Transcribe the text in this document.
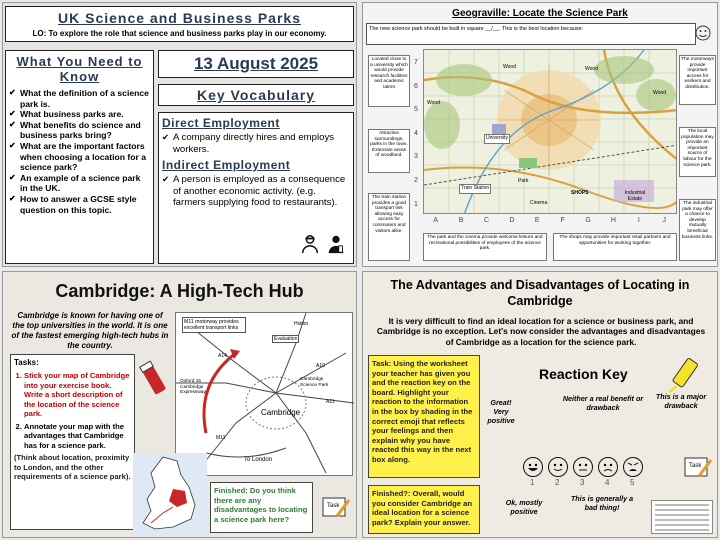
UK Science and Business Parks
LO: To explore the role that science and business parks play in our economy.
What You Need to Know
✔ What the definition of a science park is.
✔ What business parks are.
✔ What benefits do science and business parks bring?
✔ What are the important factors when choosing a location for a science park?
✔ An example of a science park in the UK.
✔ How to answer a GCSE style question on this topic.
13 August 2025
Key Vocabulary
Direct Employment

✔ A company directly hires and employs workers.

Indirect Employment

✔ A person is employed as a consequence of another economic activity. (e.g. farmers supplying food to restaurants).

Geograville: Locate the Science Park
The new science park should be built in square __/__. This is the best location because:
Wood	Wood
Wood
Wood
University
Park
Train Station
Cinema
SHOPS	Industrial Estate
7
6
5
4
3
2
1
A	B	C	D	E	F	G	H	I	J
Located close to a university which would provide research facilities and academic talent
Attractive surroundings, parks in the town. Extensive areas of woodland.
The train station provides a good transport link allowing easy access for commuters and visitors alike.
The park and the cinema provide welcome leisure and recreational possibilities of employees of the science park.
The shops may provide important retail partners and opportunities for working together.
The motorways provide important access for workers and distribution.
The local population may provide an important source of labour for the science park.
The industrial park may offer a chance to develop mutually beneficial business links.
Cambridge: A High-Tech Hub
Cambridge is known for having one of the top universities in the world. It is one of the fastest emerging high-tech hubs in the country.
Tasks:
1. Stick your map of Cambridge into your exercise book. Write a short description of the location of the science park.
2. Annotate your map with the advantages that Cambridge has for a science park.
(Think about location, proximity to London, and the other requirements of a science park).
M11 motorway provides excellent transport links
Cambridge
To London
Oxford 15 Cambridge Expressway
Histon
Evaluation
A14
A10
A11
M11
Cambridge Science Park
Finished: Do you think there are any disadvantages to locating a science park here?
Task
The Advantages and Disadvantages of Locating in Cambridge
It is very difficult to find an ideal location for a science or business park, and Cambridge is no exception. Let's now consider the advantages and disadvantages of Cambridge as a location for the science park.
Task: Using the worksheet your teacher has given you and the reaction key on the board. Highlight your reaction to the information in the box by shading in the correct emoji that reflects your feelings and then explain why you have reacted this way in the next box along.
Finished?: Overall, would you consider Cambridge an ideal location for a science park? Explain your answer.
Reaction Key
Great! Very positive
Neither a real benefit or drawback
This is a major drawback
Ok, mostly positive
This is generally a bad thing!
1	2	3	4	5
Task
